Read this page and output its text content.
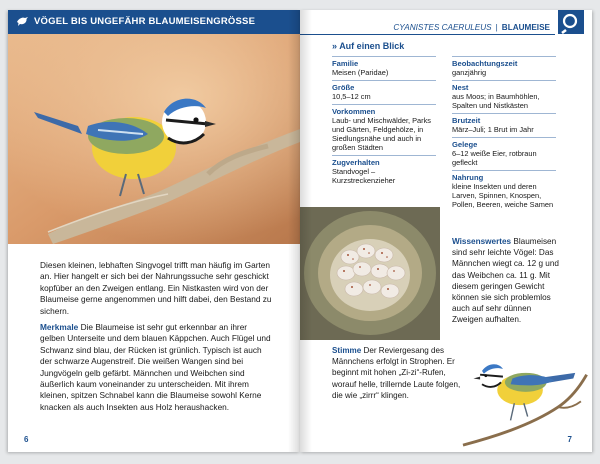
VÖGEL BIS UNGEFÄHR BLAUMEISENGRÖSSE
Diesen kleinen, lebhaften Singvogel trifft man häufig im Garten an. Hier hangelt er sich bei der Nahrungssuche sehr geschickt kopfüber an den Zweigen entlang. Ein Nistkasten wird von der Blaumeise gerne angenommen und hilft dabei, den Bestand zu sichern.
Merkmale Die Blaumeise ist sehr gut erkennbar an ihrer gelben Unterseite und dem blauen Käppchen. Auch Flügel und Schwanz sind blau, der Rücken ist grünlich. Typisch ist auch der schwarze Augenstreif. Die weißen Wangen sind bei Jungvögeln gelb gefärbt. Männchen und Weibchen sind äußerlich kaum voneinander zu unterscheiden. Mit ihrem kleinen, spitzen Schnabel kann die Blaumeise sowohl Kerne knacken als auch Insekten aus Holz heraushacken.
6
CYANISTES CAERULEUS | BLAUMEISE
» Auf einen Blick
Familie
Meisen (Paridae)
Größe
10,5–12 cm
Vorkommen
Laub- und Mischwälder, Parks und Gärten, Feldgehölze, in Siedlungsnähe und auch in großen Städten
Zugverhalten
Standvogel – Kurzstreckenzieher
Beobachtungszeit
ganzjährig
Nest
aus Moos; in Baumhöhlen, Spalten und Nistkästen
Brutzeit
März–Juli; 1 Brut im Jahr
Gelege
6–12 weiße Eier, rotbraun gefleckt
Nahrung
kleine Insekten und deren Larven, Spinnen, Knospen, Pollen, Beeren, weiche Samen
Wissenswertes Blaumeisen sind sehr leichte Vögel: Das Männchen wiegt ca. 12 g und das Weibchen ca. 11 g. Mit diesem geringen Gewicht können sie sich problemlos auch auf sehr dünnen Zweigen aufhalten.
Stimme Der Reviergesang des Männchens erfolgt in Strophen. Er beginnt mit hohen „Zi-zi“-Rufen, worauf helle, trillernde Laute folgen, die wie „zirrr“ klingen.
7
